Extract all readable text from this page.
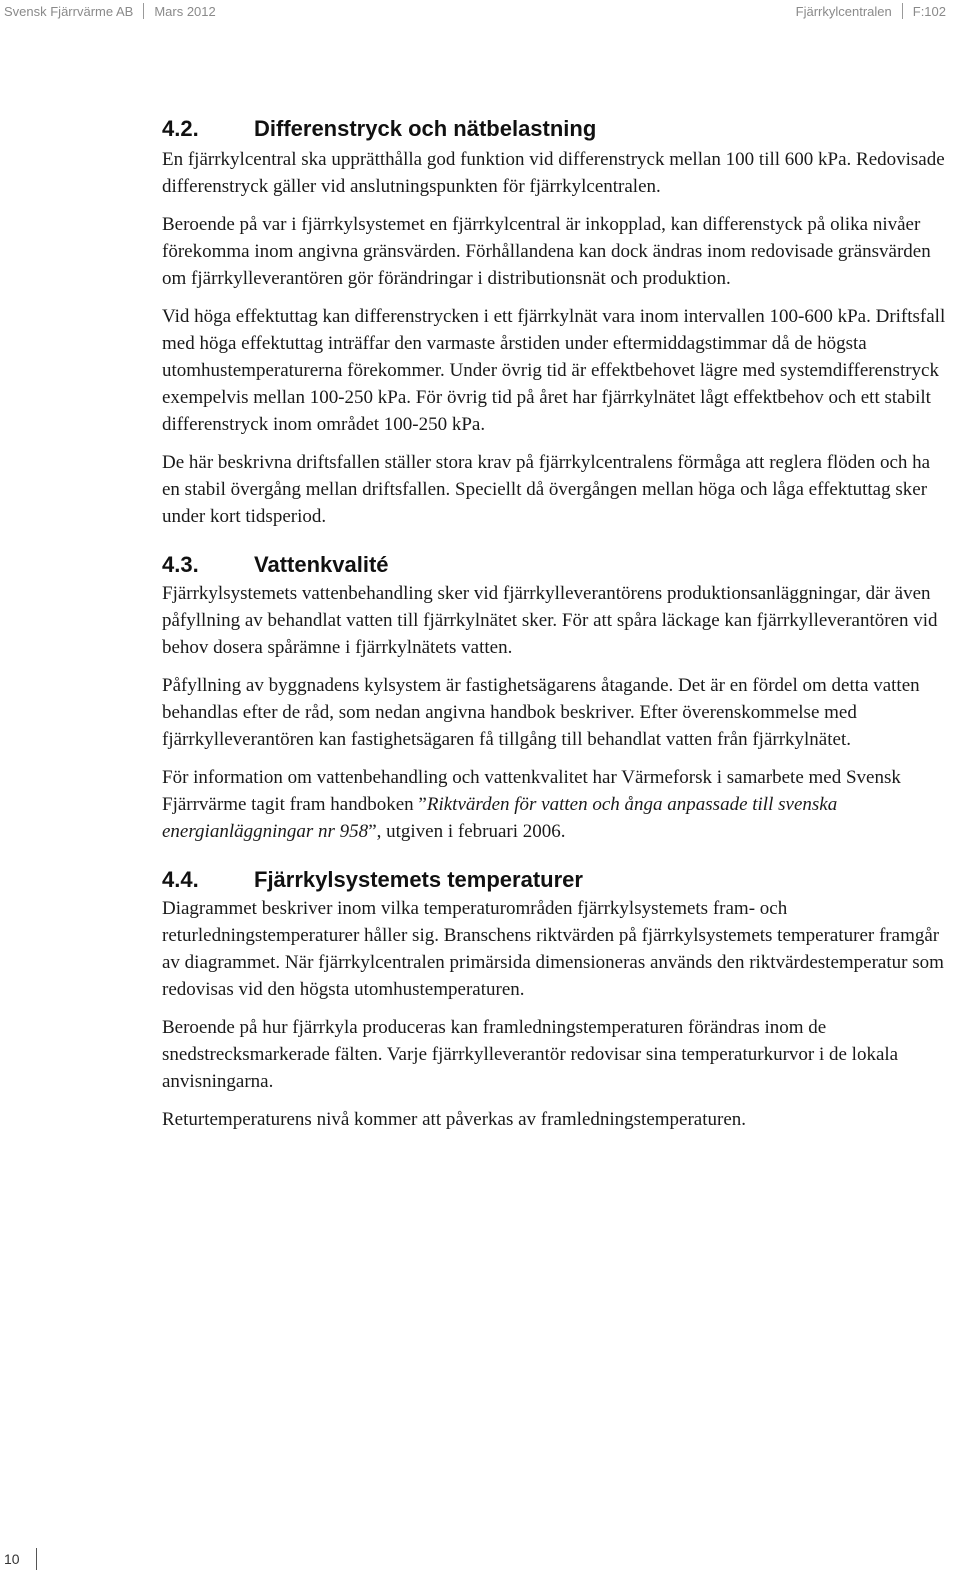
Svensk Fjärrvärme AB Mars 2012	Fjärrkylcentralen F:102
4.2.	Differenstryck och nätbelastning

En fjärrkylcentral ska upprätthålla god funktion vid differenstryck mellan 100 till 600 kPa. Redovisade differenstryck gäller vid anslutningspunkten för fjärrkylcentralen.

Beroende på var i fjärrkylsystemet en fjärrkylcentral är inkopplad, kan differenstyck på olika nivåer förekomma inom angivna gränsvärden. Förhållandena kan dock ändras inom redovisade gränsvärden om fjärrkylleverantören gör förändringar i distributionsnät och produktion.

Vid höga effektuttag kan differenstrycken i ett fjärrkylnät vara inom intervallen 100-600 kPa. Driftsfall med höga effektuttag inträffar den varmaste årstiden under eftermiddagstimmar då de högsta utomhustemperaturerna förekommer. Under övrig tid är effektbehovet lägre med systemdifferenstryck exempelvis mellan 100-250 kPa. För övrig tid på året har fjärrkylnätet lågt effektbehov och ett stabilt differenstryck inom området 100-250 kPa.

De här beskrivna driftsfallen ställer stora krav på fjärrkylcentralens förmåga att reglera flöden och ha en stabil övergång mellan driftsfallen. Speciellt då övergången mellan höga och låga effektuttag sker under kort tidsperiod.

4.3.	Vattenkvalité

Fjärrkylsystemets vattenbehandling sker vid fjärrkylleverantörens produktionsanläggningar, där även påfyllning av behandlat vatten till fjärrkylnätet sker. För att spåra läckage kan fjärrkylleverantören vid behov dosera spårämne i fjärrkylnätets vatten.

Påfyllning av byggnadens kylsystem är fastighetsägarens åtagande. Det är en fördel om detta vatten behandlas efter de råd, som nedan angivna handbok beskriver. Efter överenskommelse med fjärrkylleverantören kan fastighetsägaren få tillgång till behandlat vatten från fjärrkylnätet.

För information om vattenbehandling och vattenkvalitet har Värmeforsk i samarbete med Svensk Fjärrvärme tagit fram handboken ”Riktvärden för vatten och ånga anpassade till svenska energianläggningar nr 958”, utgiven i februari 2006.

4.4.	Fjärrkylsystemets temperaturer

Diagrammet beskriver inom vilka temperaturområden fjärrkylsystemets fram- och returledningstemperaturer håller sig. Branschens riktvärden på fjärrkylsystemets temperaturer framgår av diagrammet. När fjärrkylcentralen primärsida dimensioneras används den riktvärdestemperatur som redovisas vid den högsta utomhustemperaturen.

Beroende på hur fjärrkyla produceras kan framledningstemperaturen förändras inom de snedstrecksmarkerade fälten. Varje fjärrkylleverantör redovisar sina temperaturkurvor i de lokala anvisningarna.

Returtemperaturens nivå kommer att påverkas av framledningstemperaturen.

10
